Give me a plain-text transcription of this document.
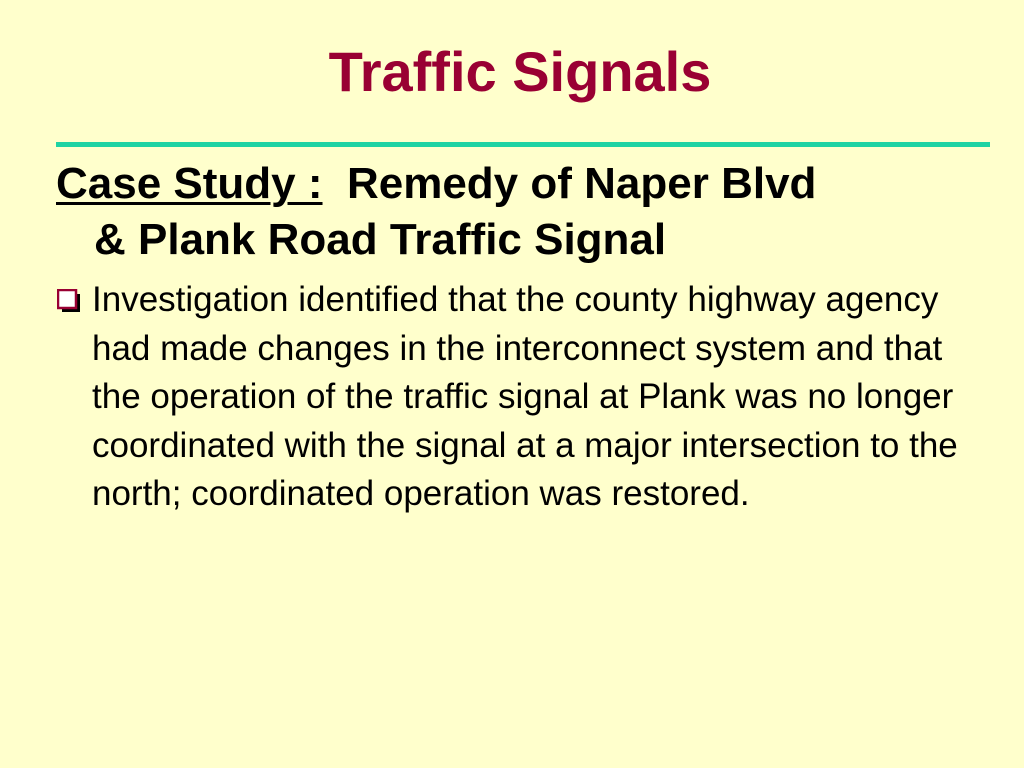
Traffic Signals
Case Study : Remedy of Naper Blvd
& Plank Road Traffic Signal
Investigation identified that the county highway agency had made changes in the interconnect system and that the operation of the traffic signal at Plank was no longer coordinated with the signal at a major intersection to the north; coordinated operation was restored.
